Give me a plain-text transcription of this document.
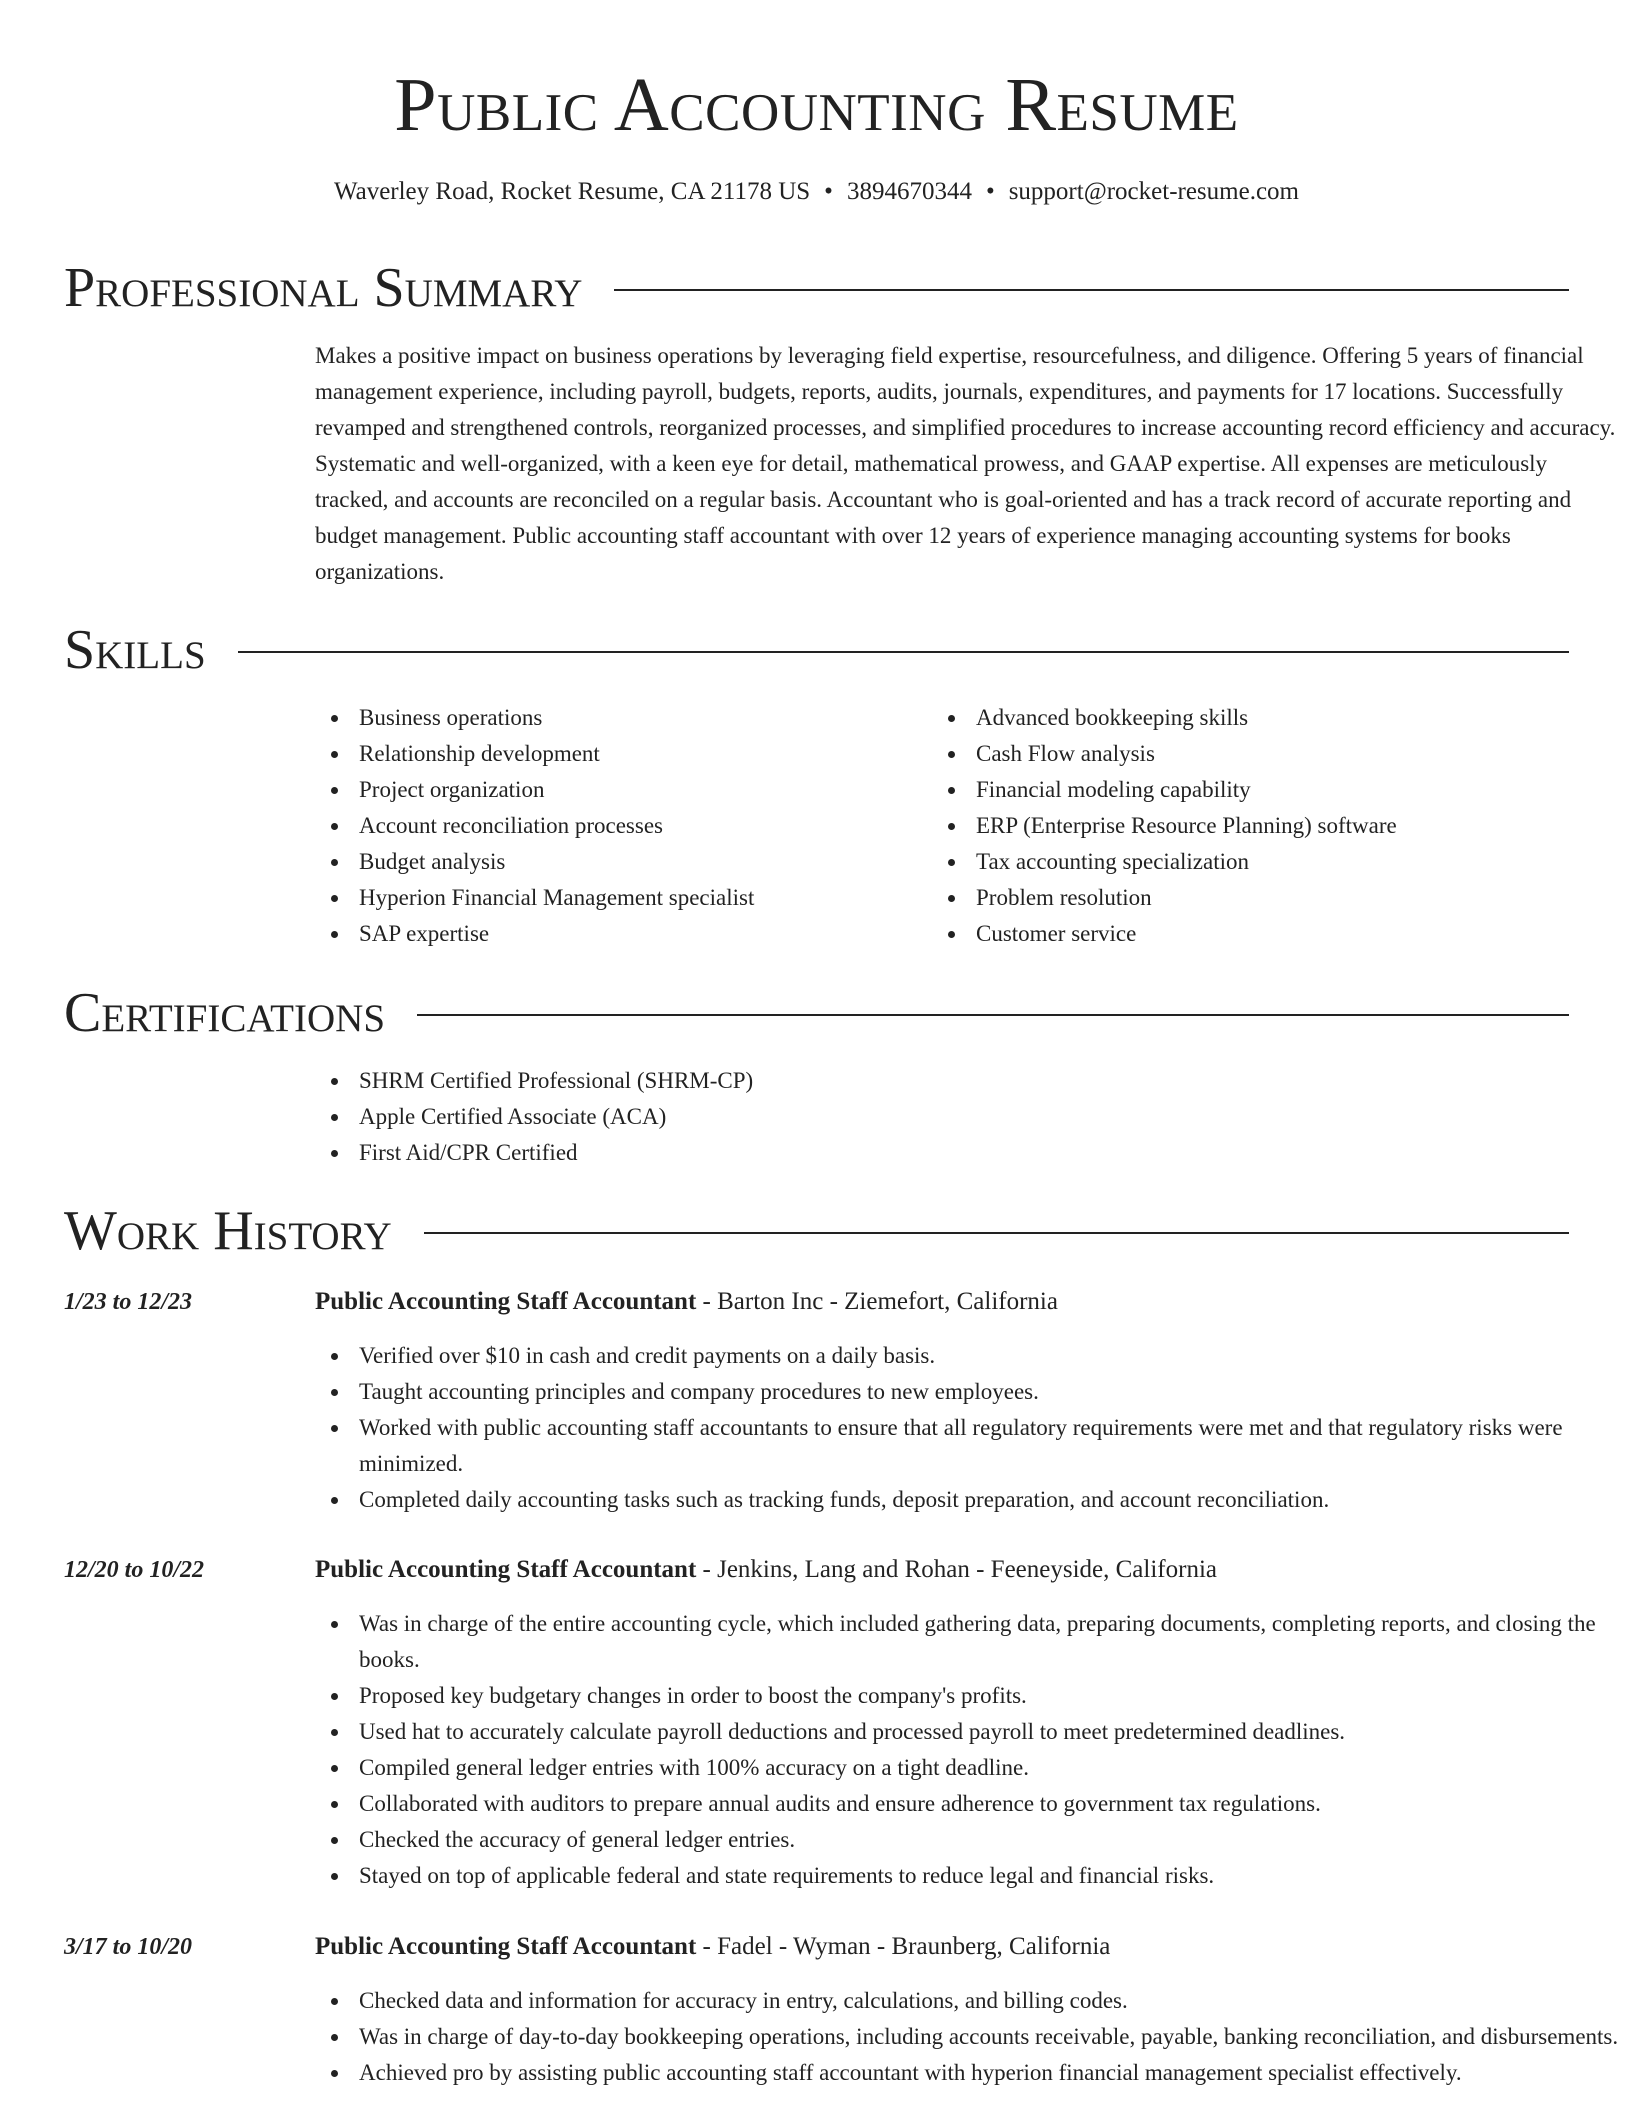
Public Accounting Resume
Waverley Road, Rocket Resume, CA 21178 US • 3894670344 • support@rocket-resume.com
Professional Summary

Makes a positive impact on business operations by leveraging field expertise, resourcefulness, and diligence. Offering 5 years of financial management experience, including payroll, budgets, reports, audits, journals, expenditures, and payments for 17 locations. Successfully revamped and strengthened controls, reorganized processes, and simplified procedures to increase accounting record efficiency and accuracy. Systematic and well-organized, with a keen eye for detail, mathematical prowess, and GAAP expertise. All expenses are meticulously tracked, and accounts are reconciled on a regular basis. Accountant who is goal-oriented and has a track record of accurate reporting and budget management. Public accounting staff accountant with over 12 years of experience managing accounting systems for books organizations.

Skills
Business operations
Relationship development
Project organization
Account reconciliation processes
Budget analysis
Hyperion Financial Management specialist
SAP expertise
Advanced bookkeeping skills
Cash Flow analysis
Financial modeling capability
ERP (Enterprise Resource Planning) software
Tax accounting specialization
Problem resolution
Customer service
Certifications
SHRM Certified Professional (SHRM-CP)
Apple Certified Associate (ACA)
First Aid/CPR Certified
Work History
1/23 to 12/23	Public Accounting Staff Accountant - Barton Inc - Ziemefort, California
Verified over $10 in cash and credit payments on a daily basis.
Taught accounting principles and company procedures to new employees.
Worked with public accounting staff accountants to ensure that all regulatory requirements were met and that regulatory risks were minimized.
Completed daily accounting tasks such as tracking funds, deposit preparation, and account reconciliation.
12/20 to 10/22	Public Accounting Staff Accountant - Jenkins, Lang and Rohan - Feeneyside, California
Was in charge of the entire accounting cycle, which included gathering data, preparing documents, completing reports, and closing the books.
Proposed key budgetary changes in order to boost the company's profits.
Used hat to accurately calculate payroll deductions and processed payroll to meet predetermined deadlines.
Compiled general ledger entries with 100% accuracy on a tight deadline.
Collaborated with auditors to prepare annual audits and ensure adherence to government tax regulations.
Checked the accuracy of general ledger entries.
Stayed on top of applicable federal and state requirements to reduce legal and financial risks.
3/17 to 10/20	Public Accounting Staff Accountant - Fadel - Wyman - Braunberg, California
Checked data and information for accuracy in entry, calculations, and billing codes.
Was in charge of day-to-day bookkeeping operations, including accounts receivable, payable, banking reconciliation, and disbursements.
Achieved pro by assisting public accounting staff accountant with hyperion financial management specialist effectively.
